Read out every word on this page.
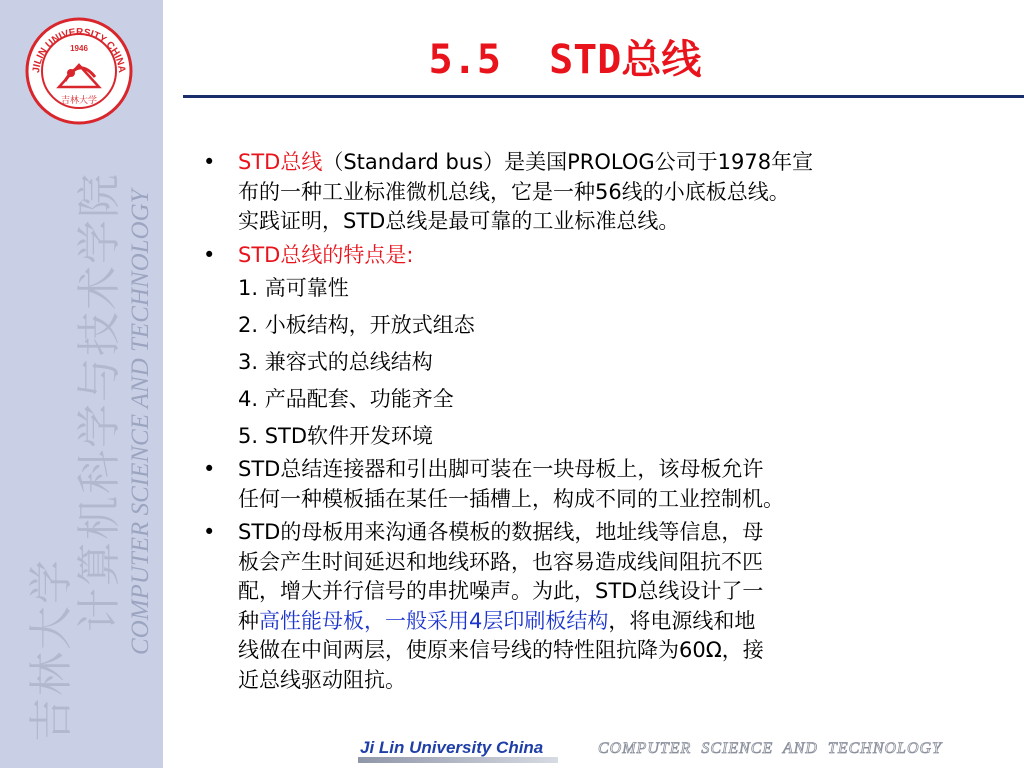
JILIN UNIVERSITY CHINA
1946
吉林大学
吉林大学

计算机科学与技术学院 COMPUTER SCIENCE AND TECHNOLOGY
5.5  STD总线
• STD总线（Standard bus）是美国PROLOG公司于1978年宣
布的一种工业标准微机总线，它是一种56线的小底板总线。
实践证明，STD总线是最可靠的工业标准总线。
• STD总线的特点是:
1. 高可靠性
2. 小板结构，开放式组态
3. 兼容式的总线结构
4. 产品配套、功能齐全
5. STD软件开发环境
• STD总结连接器和引出脚可装在一块母板上，该母板允许
任何一种模板插在某任一插槽上，构成不同的工业控制机。
• STD的母板用来沟通各模板的数据线，地址线等信息，母
板会产生时间延迟和地线环路，也容易造成线间阻抗不匹
配，增大并行信号的串扰噪声。为此，STD总线设计了一
种高性能母板，一般采用4层印刷板结构，将电源线和地
线做在中间两层，使原来信号线的特性阻抗降为60Ω，接
近总线驱动阻抗。
Ji Lin University China	COMPUTER  SCIENCE  AND  TECHNOLOGY
